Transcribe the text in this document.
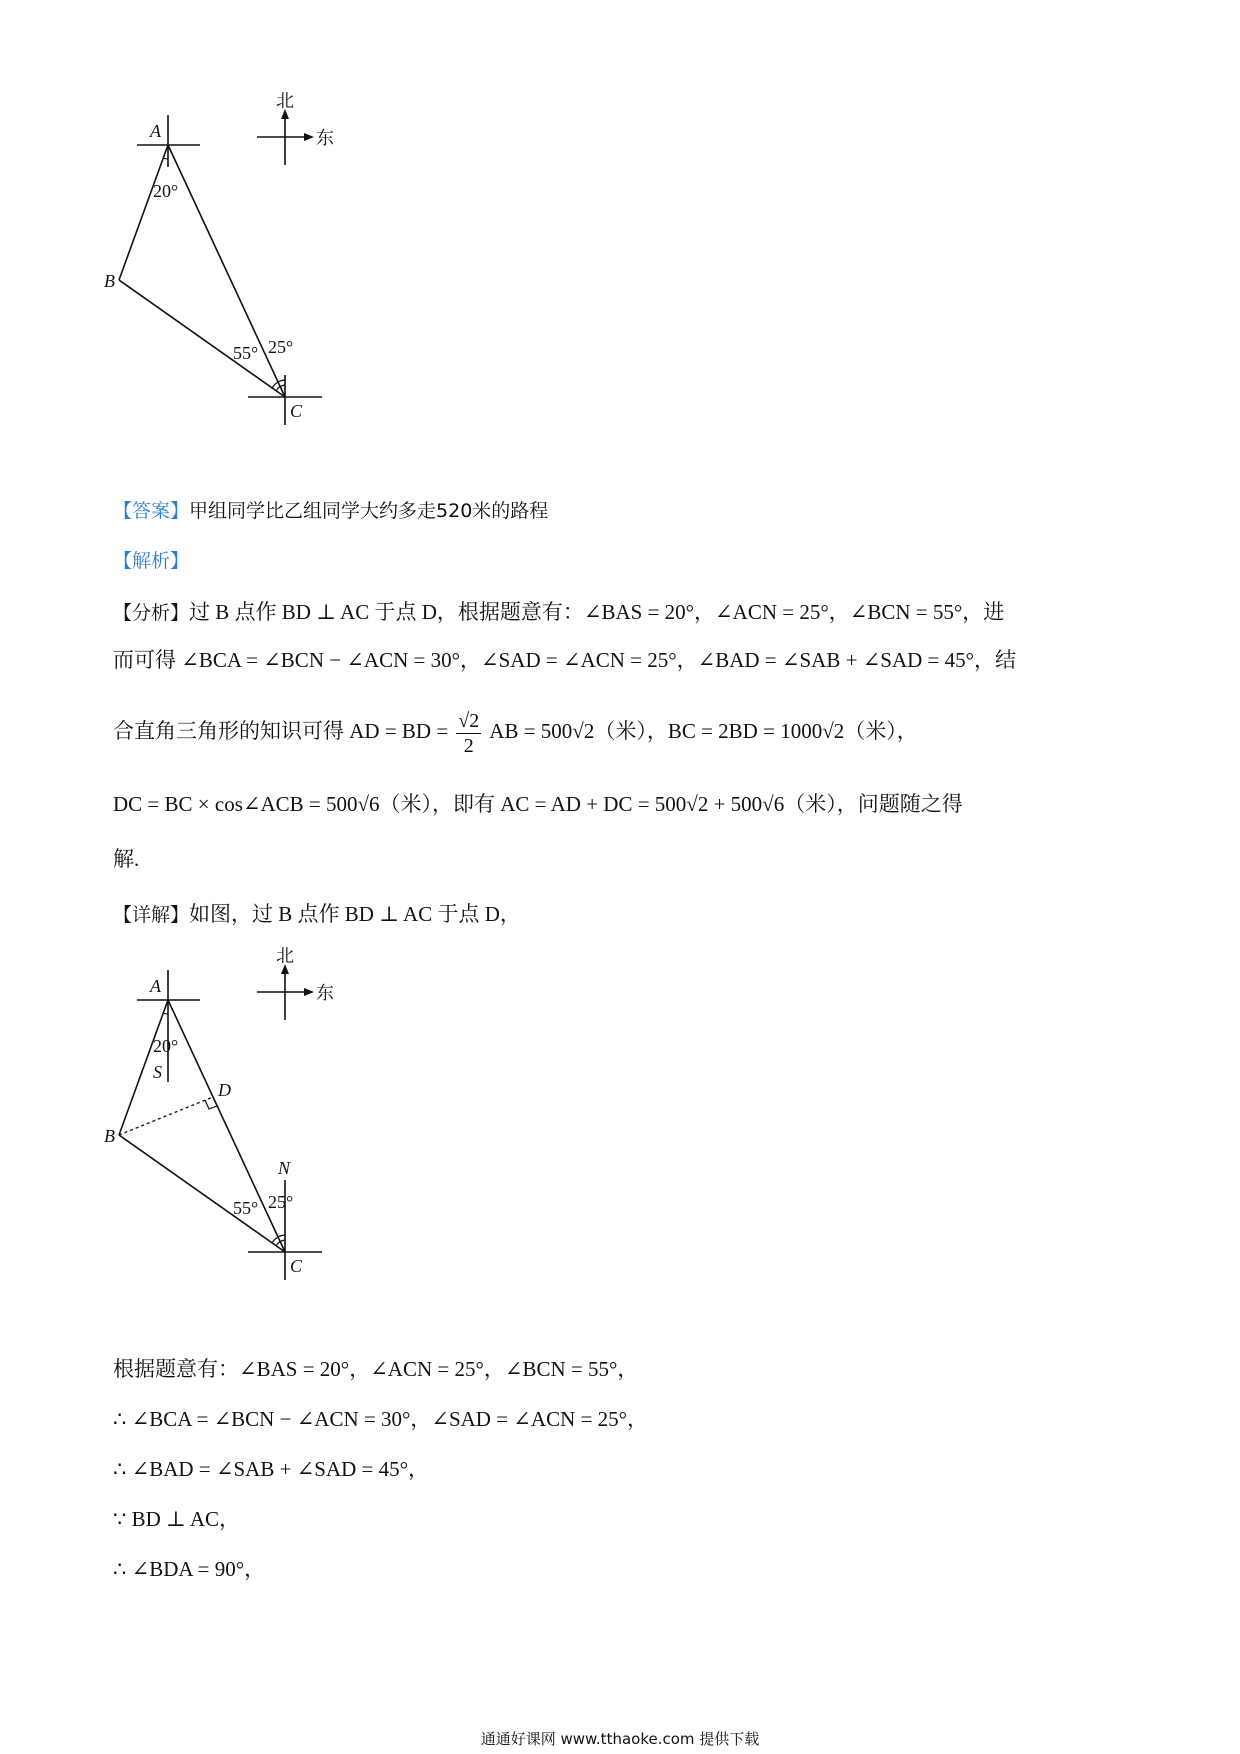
北
东
A
B
C
20°
55° 25°
【答案】甲组同学比乙组同学大约多走520米的路程
【解析】
【分析】过 B 点作 BD ⊥ AC 于点 D，根据题意有：∠BAS = 20°，∠ACN = 25°，∠BCN = 55°，进
而可得 ∠BCA = ∠BCN − ∠ACN = 30°，∠SAD = ∠ACN = 25°，∠BAD = ∠SAB + ∠SAD = 45°，结
合直角三角形的知识可得 AD = BD = $\frac{√2}{2}$ AB = 500√2（米），BC = 2BD = 1000√2（米），
DC = BC × cos∠ACB = 500√6（米），即有 AC = AD + DC = 500√2 + 500√6（米），问题随之得
解.
【详解】如图，过 B 点作 BD ⊥ AC 于点 D，
北
东
A
B
C
D
S
N
20°
55° 25°
根据题意有：∠BAS = 20°，∠ACN = 25°，∠BCN = 55°，
∴ ∠BCA = ∠BCN − ∠ACN = 30°，∠SAD = ∠ACN = 25°，
∴ ∠BAD = ∠SAB + ∠SAD = 45°，
∵ BD ⊥ AC，
∴ ∠BDA = 90°，
通通好课网 www.tthaoke.com 提供下载
